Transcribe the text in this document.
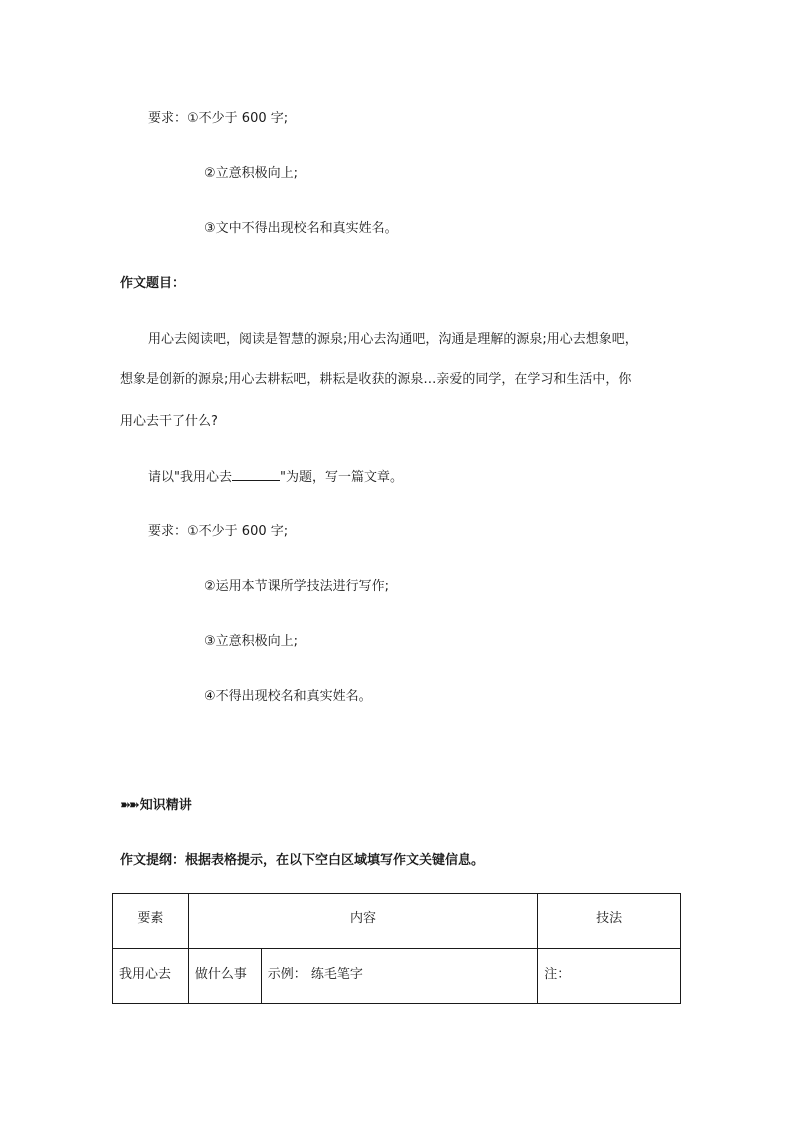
要求：①不少于 600 字;
②立意积极向上;
③文中不得出现校名和真实姓名。
作文题目：
用心去阅读吧，阅读是智慧的源泉;用心去沟通吧，沟通是理解的源泉;用心去想象吧，
想象是创新的源泉;用心去耕耘吧，耕耘是收获的源泉…亲爱的同学，在学习和生活中，你
用心去干了什么?
请以"我用心去	"为题，写一篇文章。
要求：①不少于 600 字;
②运用本节课所学技法进行写作;
③立意积极向上;
④不得出现校名和真实姓名。
➽➽ 知识精讲
作文提纲：根据表格提示，在以下空白区域填写作文关键信息。
要素	内容		技法
我用心去	做什么事	示例： 练毛笔字	注：
